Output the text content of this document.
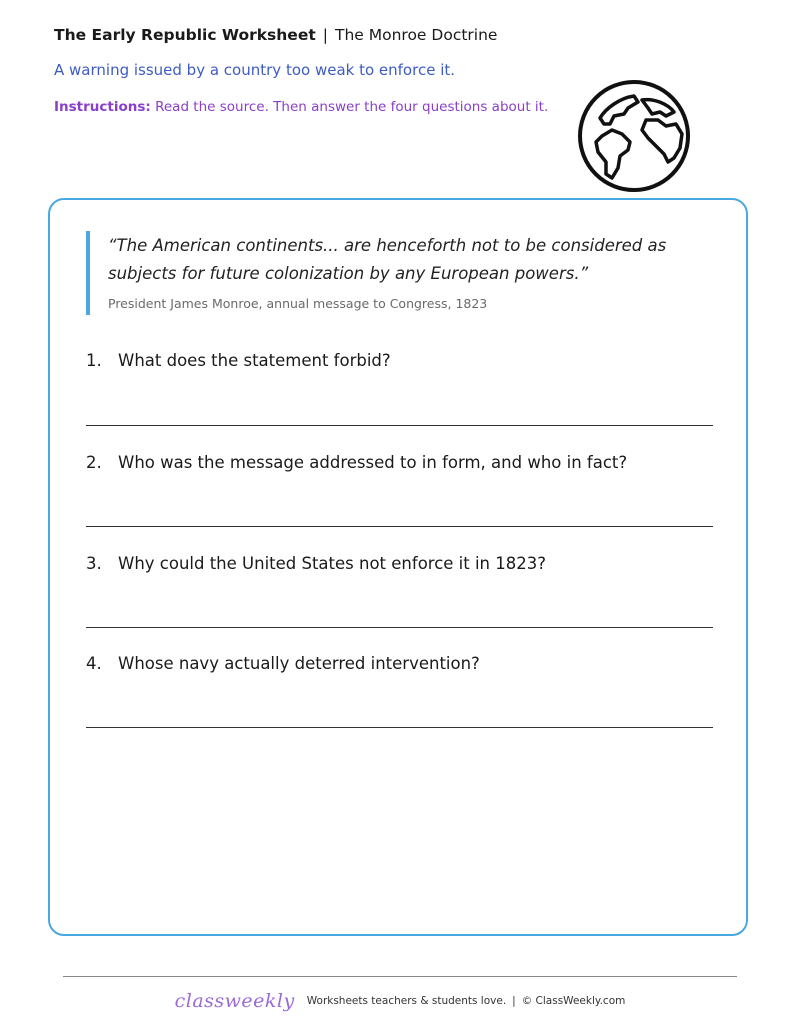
The Early Republic Worksheet | The Monroe Doctrine
A warning issued by a country too weak to enforce it.
Instructions: Read the source. Then answer the four questions about it.

“The American continents... are henceforth not to be considered as subjects for future colonization by any European powers.”

President James Monroe, annual message to Congress, 1823
1. What does the statement forbid?
2. Who was the message addressed to in form, and who in fact?
3. Why could the United States not enforce it in 1823?
4. Whose navy actually deterred intervention?
classweekly Worksheets teachers & students love. | © ClassWeekly.com
